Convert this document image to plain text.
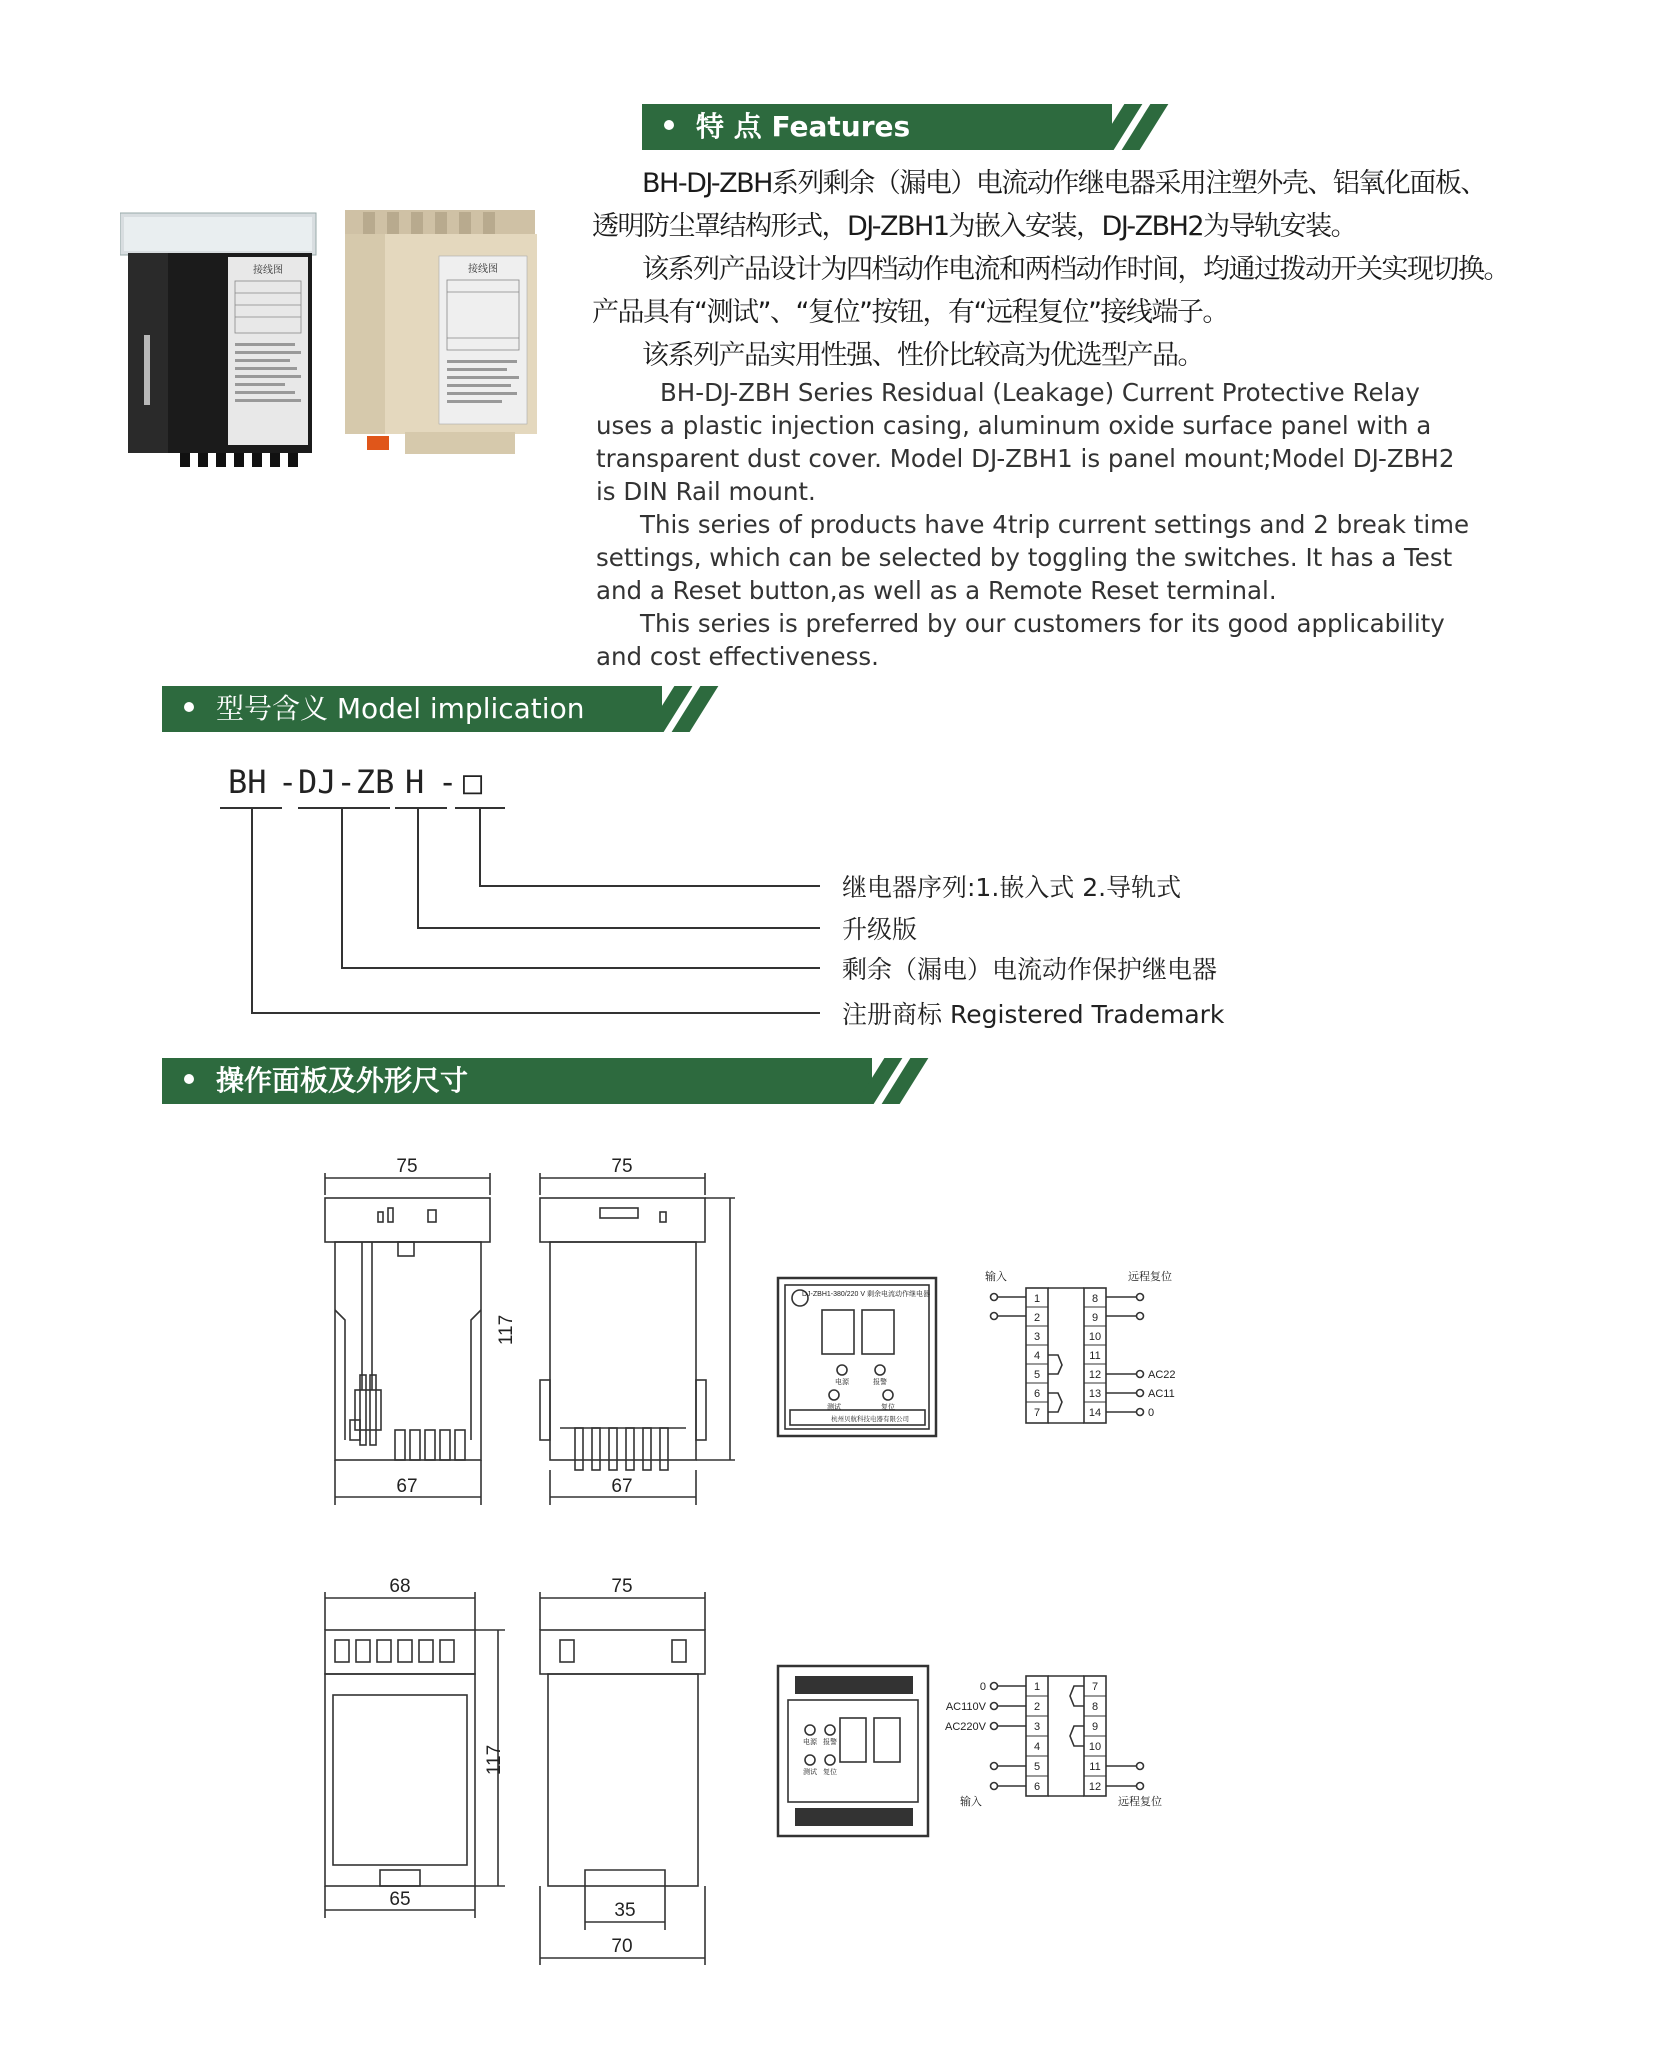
特 点 Features
接线图	接线图
BH-DJ-ZBH系列剩余（漏电）电流动作继电器采用注塑外壳、铝氧化面板、
透明防尘罩结构形式，DJ-ZBH1为嵌入安装，DJ-ZBH2为导轨安装。
该系列产品设计为四档动作电流和两档动作时间，均通过拨动开关实现切换。
产品具有“测试”、“复位”按钮，有“远程复位”接线端子。
该系列产品实用性强、性价比较高为优选型产品。
BH-DJ-ZBH Series Residual (Leakage) Current Protective Relay
uses a plastic injection casing, aluminum oxide surface panel with a
transparent dust cover. Model DJ-ZBH1 is panel mount;Model DJ-ZBH2
is DIN Rail mount.
This series of products have 4trip current settings and 2 break time
settings, which can be selected by toggling the switches. It has a Test
and a Reset button,as well as a Remote Reset terminal.
This series is preferred by our customers for its good applicability
and cost effectiveness.
型号含义 Model implication
BH - DJ-ZB H - □
继电器序列:1.嵌入式 2.导轨式
升级版
剩余（漏电）电流动作保护继电器
注册商标 Registered Trademark
操作面板及外形尺寸
75
67
75
67
117
68
65
75
35
70
117
DJ-ZBH1-380/220 V 剩余电流动作继电器
电源	报警
测试	复位
杭州贝航科技电器有限公司
输入	远程复位
1
2
3
4
5
6
7
8
9
10
11
12
13
14
AC22
AC11
0
电源 报警
测试 复位
0
AC110V
AC220V
输入	远程复位
1
2
3
4
5
6
7
8
9
10
11
12
